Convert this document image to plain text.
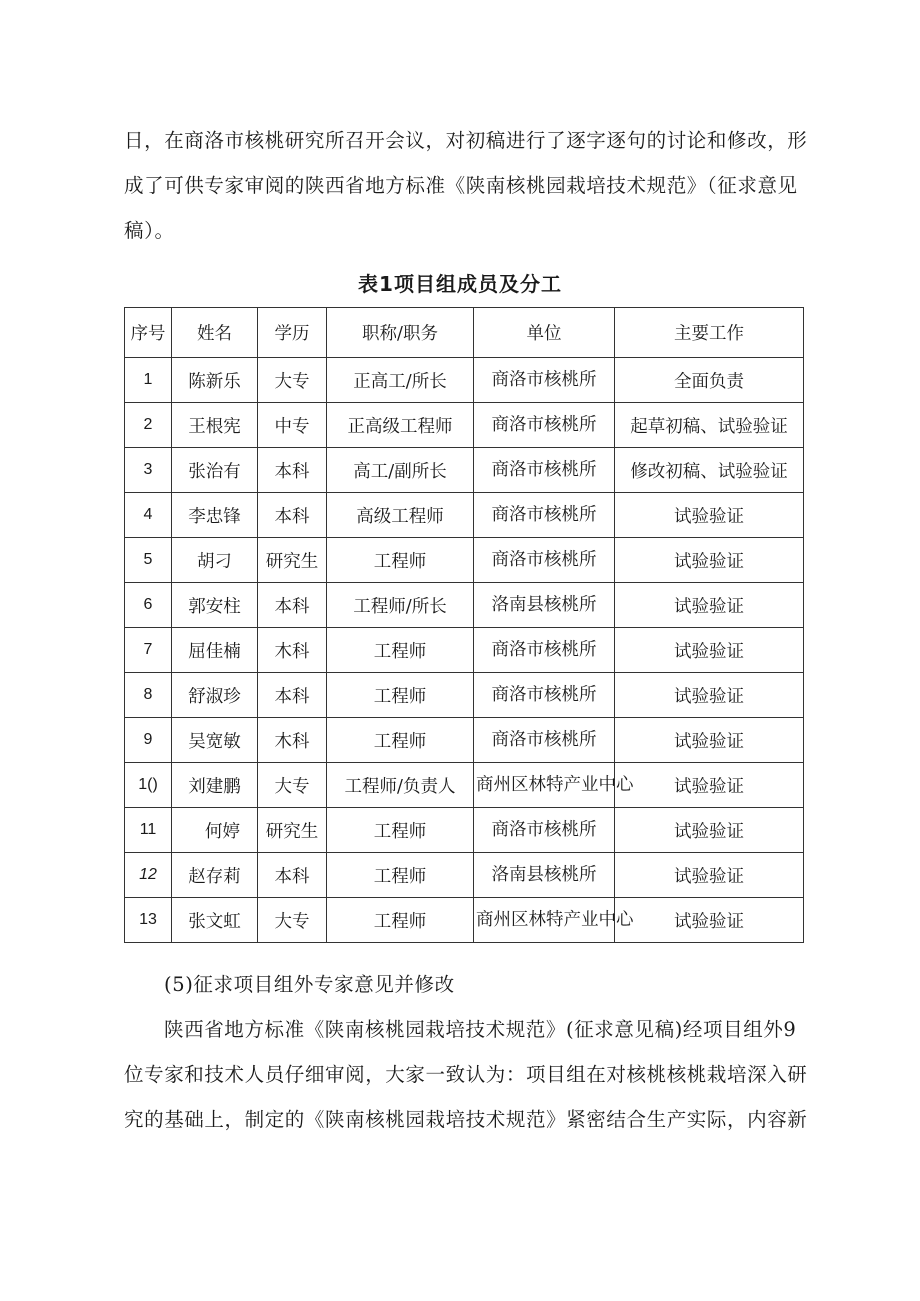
日，在商洛市核桃研究所召开会议，对初稿进行了逐字逐句的讨论和修改，形
成了可供专家审阅的陕西省地方标准《陕南核桃园栽培技术规范》（征求意见
稿）。

表1项目组成员及分工

序号	姓名	学历	职称/职务	单位	主要工作
1	陈新乐	大专	正高工/所长	商洛市核桃所	全面负责
2	王根宪	中专	正高级工程师	商洛市核桃所	起草初稿、试验验证
3	张治有	本科	高工/副所长	商洛市核桃所	修改初稿、试验验证
4	李忠锋	本科	高级工程师	商洛市核桃所	试验验证
5	胡刁	研究生	工程师	商洛市核桃所	试验验证
6	郭安柱	本科	工程师/所长	洛南县核桃所	试验验证
7	屈佳楠	木科	工程师	商洛市核桃所	试验验证
8	舒淑珍	本科	工程师	商洛市核桃所	试验验证
9	吴宽敏	木科	工程师	商洛市核桃所	试验验证
1()	刘建鹏	大专	工程师/负责人	商州区林特产业中心	试验验证
11	何婷	研究生	工程师	商洛市核桃所	试验验证
12	赵存莉	本科	工程师	洛南县核桃所	试验验证
13	张文虹	大专	工程师	商州区林特产业中心	试验验证
(5)征求项目组外专家意见并修改
陕西省地方标准《陕南核桃园栽培技术规范》(征求意见稿)经项目组外9
位专家和技术人员仔细审阅，大家一致认为：项目组在对核桃核桃栽培深入研
究的基础上，制定的《陕南核桃园栽培技术规范》紧密结合生产实际，内容新
